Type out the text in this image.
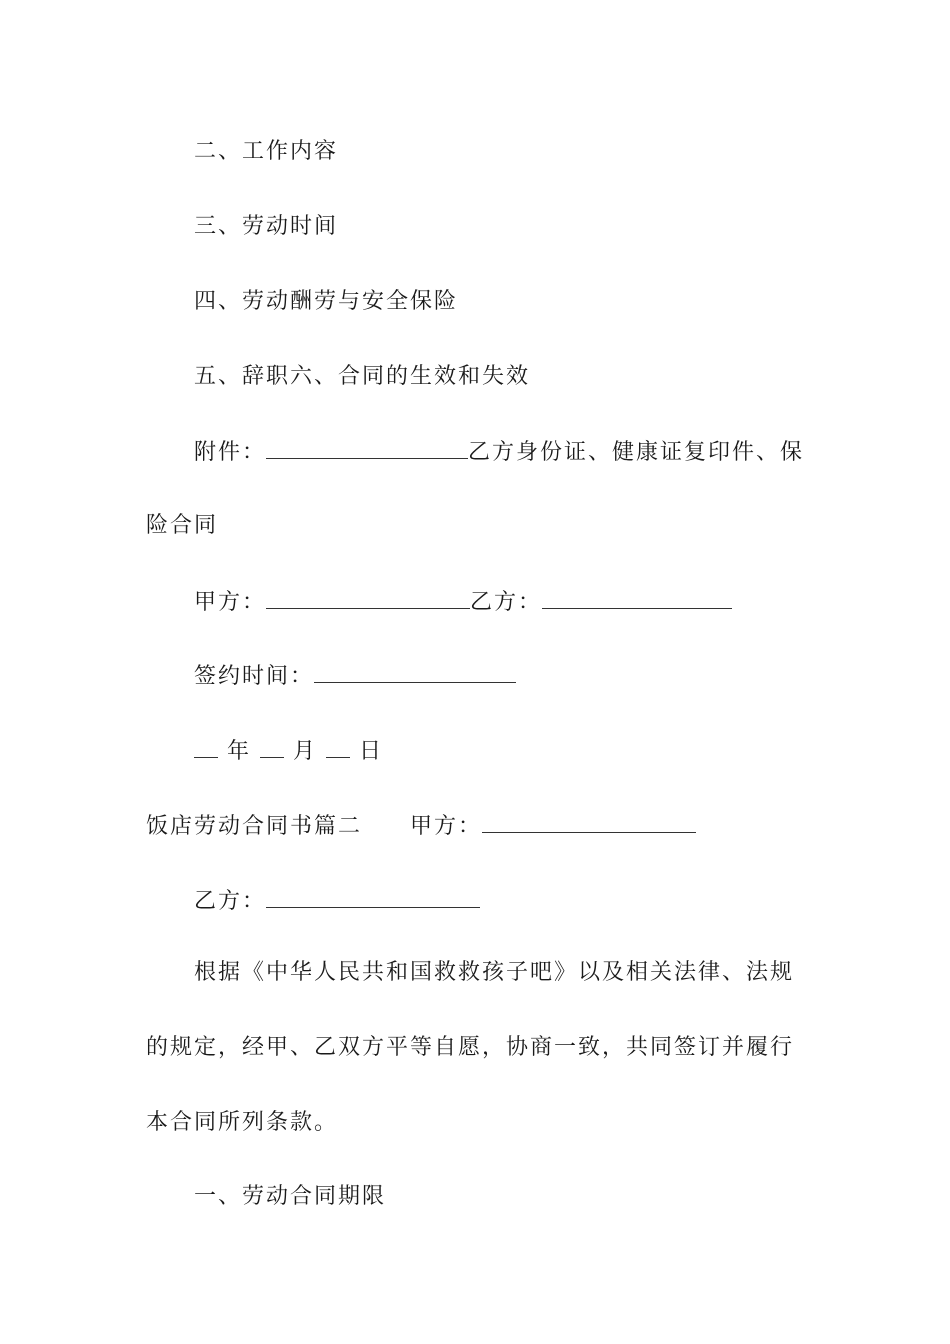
二、工作内容
三、劳动时间
四、劳动酬劳与安全保险
五、辞职六、合同的生效和失效
附件：	乙方身份证、健康证复印件、保
险合同
甲方：	乙方：
签约时间：
年 月 日
饭店劳动合同书篇二 甲方：
乙方：
根据《中华人民共和国救救孩子吧》以及相关法律、法规
的规定，经甲、乙双方平等自愿，协商一致，共同签订并履行
本合同所列条款。
一、劳动合同期限
